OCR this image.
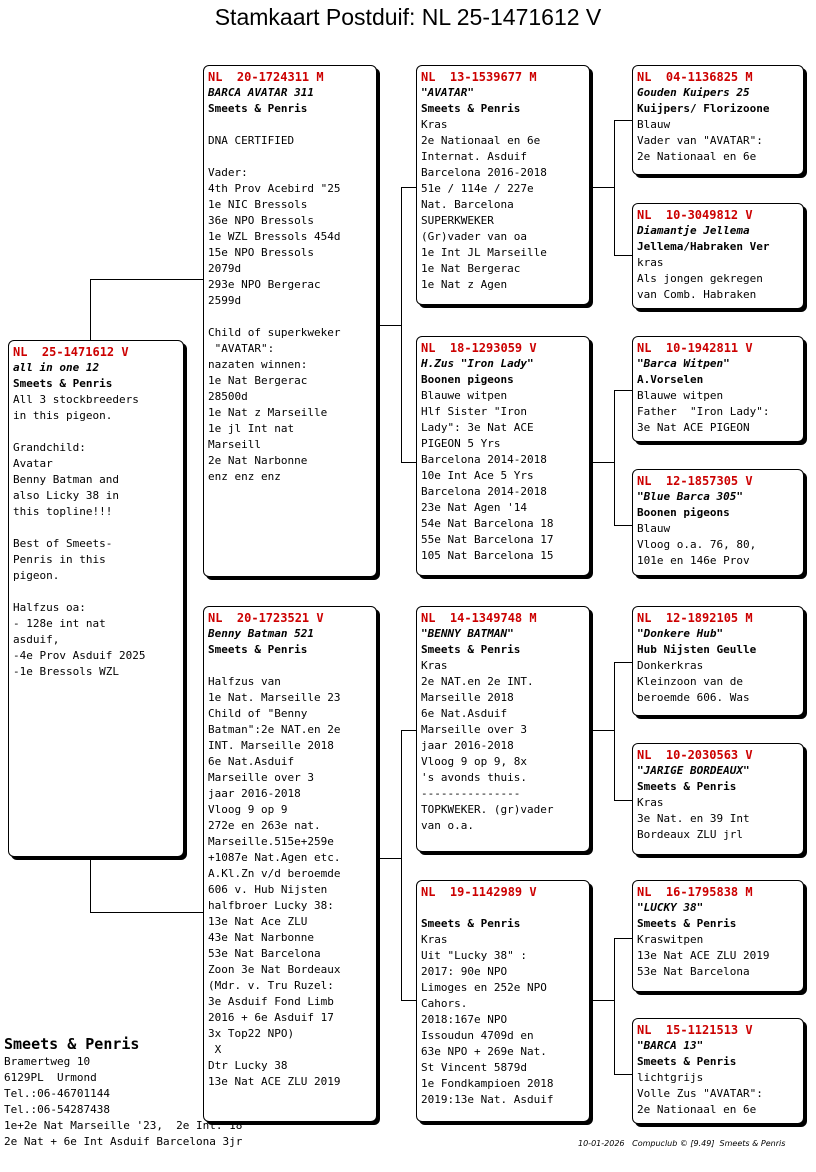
Stamkaart Postduif: NL 25-1471612 V
NL  25-1471612 V
all in one 12
Smeets & Penris
All 3 stockbreeders
in this pigeon.

Grandchild:
Avatar
Benny Batman and
also Licky 38 in
this topline!!!

Best of Smeets-
Penris in this
pigeon.

Halfzus oa:
- 128e int nat
asduif,
-4e Prov Asduif 2025
-1e Bressols WZL
NL  20-1724311 M
BARCA AVATAR 311
Smeets & Penris

DNA CERTIFIED

Vader:
4th Prov Acebird "25
1e NIC Bressols
36e NPO Bressols
1e WZL Bressols 454d
15e NPO Bressols
2079d
293e NPO Bergerac
2599d

Child of superkweker
"AVATAR":
nazaten winnen:
1e Nat Bergerac
28500d
1e Nat z Marseille
1e jl Int nat
Marseill
2e Nat Narbonne
enz enz enz
NL  20-1723521 V
Benny Batman 521
Smeets & Penris

Halfzus van
1e Nat. Marseille 23
Child of "Benny
Batman":2e NAT.en 2e
INT. Marseille 2018
6e Nat.Asduif
Marseille over 3
jaar 2016-2018
Vloog 9 op 9
272e en 263e nat.
Marseille.515e+259e
+1087e Nat.Agen etc.
A.Kl.Zn v/d beroemde
606 v. Hub Nijsten
halfbroer Lucky 38:
13e Nat Ace ZLU
43e Nat Narbonne
53e Nat Barcelona
Zoon 3e Nat Bordeaux
(Mdr. v. Tru Ruzel:
3e Asduif Fond Limb
2016 + 6e Asduif 17
3x Top22 NPO)
X
Dtr Lucky 38
13e Nat ACE ZLU 2019
NL  13-1539677 M
"AVATAR"
Smeets & Penris
Kras
2e Nationaal en 6e
Internat. Asduif
Barcelona 2016-2018
51e / 114e / 227e
Nat. Barcelona
SUPERKWEKER
(Gr)vader van oa
1e Int JL Marseille
1e Nat Bergerac
1e Nat z Agen
NL  18-1293059 V
H.Zus "Iron Lady"
Boonen pigeons
Blauwe witpen
Hlf Sister "Iron
Lady": 3e Nat ACE
PIGEON 5 Yrs
Barcelona 2014-2018
10e Int Ace 5 Yrs
Barcelona 2014-2018
23e Nat Agen '14
54e Nat Barcelona 18
55e Nat Barcelona 17
105 Nat Barcelona 15
NL  14-1349748 M
"BENNY BATMAN"
Smeets & Penris
Kras
2e NAT.en 2e INT.
Marseille 2018
6e Nat.Asduif
Marseille over 3
jaar 2016-2018
Vloog 9 op 9, 8x
's avonds thuis.
---------------
TOPKWEKER. (gr)vader
van o.a.
NL  19-1142989 V
Smeets & Penris
Kras
Uit "Lucky 38" :
2017: 90e NPO
Limoges en 252e NPO
Cahors.
2018:167e NPO
Issoudun 4709d en
63e NPO + 269e Nat.
St Vincent 5879d
1e Fondkampioen 2018
2019:13e Nat. Asduif
NL  04-1136825 M
Gouden Kuipers 25
Kuijpers/ Florizoone
Blauw
Vader van "AVATAR":
2e Nationaal en 6e
NL  10-3049812 V
Diamantje Jellema
Jellema/Habraken Ver
kras
Als jongen gekregen
van Comb. Habraken
NL  10-1942811 V
"Barca Witpen"
A.Vorselen
Blauwe witpen
Father  "Iron Lady":
3e Nat ACE PIGEON
NL  12-1857305 V
"Blue Barca 305"
Boonen pigeons
Blauw
Vloog o.a. 76, 80,
101e en 146e Prov
NL  12-1892105 M
"Donkere Hub"
Hub Nijsten Geulle
Donkerkras
Kleinzoon van de
beroemde 606. Was
NL  10-2030563 V
"JARIGE BORDEAUX"
Smeets & Penris
Kras
3e Nat. en 39 Int
Bordeaux ZLU jrl
NL  16-1795838 M
"LUCKY 38"
Smeets & Penris
Kraswitpen
13e Nat ACE ZLU 2019
53e Nat Barcelona
NL  15-1121513 V
"BARCA 13"
Smeets & Penris
lichtgrijs
Volle Zus "AVATAR":
2e Nationaal en 6e
Smeets & Penris
Bramertweg 10
6129PL  Urmond
Tel.:06-46701144
Tel.:06-54287438
1e+2e Nat Marseille '23,  2e Int.'18
2e Nat + 6e Int Asduif Barcelona 3jr	10-01-2026   Compuclub © [9.49]  Smeets & Penris
